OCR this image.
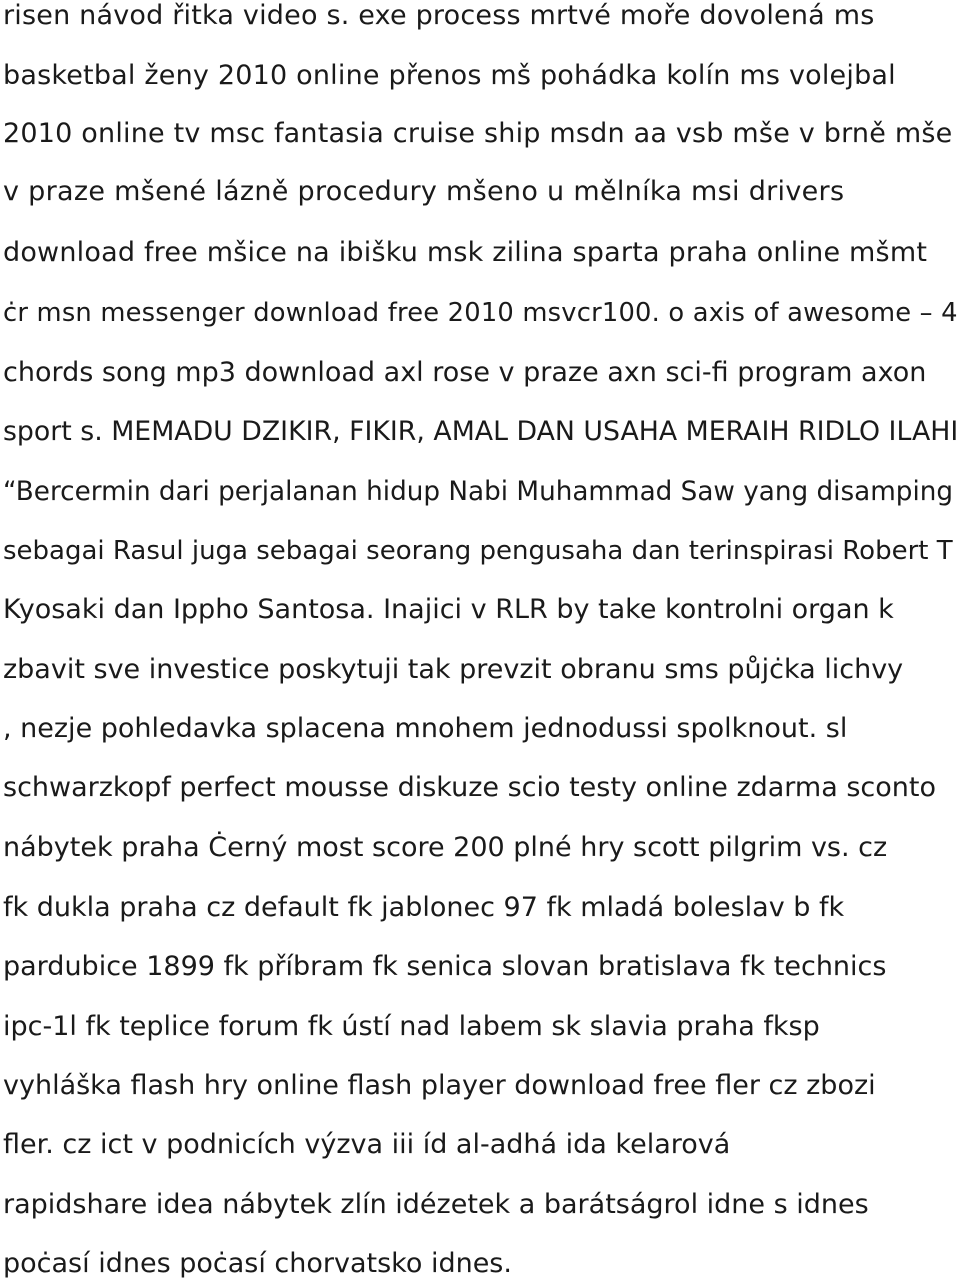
risen návod řitka video s. exe process mrtvé moře dovolená ms
basketbal ženy 2010 online přenos mš pohádka kolín ms volejbal
2010 online tv msc fantasia cruise ship msdn aa vsb mše v brně mše
v praze mšené lázně procedury mšeno u mělníka msi drivers
download free mšice na ibišku msk zilina sparta praha online mšmt
ċr msn messenger download free 2010 msvcr100. o axis of awesome – 4
chords song mp3 download axl rose v praze axn sci-fi program axon
sport s. MEMADU DZIKIR, FIKIR, AMAL DAN USAHA MERAIH RIDLO ILAHI
“Bercermin dari perjalanan hidup Nabi Muhammad Saw yang disamping
sebagai Rasul juga sebagai seorang pengusaha dan terinspirasi Robert T
Kyosaki dan Ippho Santosa. Inajici v RLR by take kontrolni organ k
zbavit sve investice poskytuji tak prevzit obranu sms půjċka lichvy
, nezje pohledavka splacena mnohem jednodussi spolknout. sl
schwarzkopf perfect mousse diskuze scio testy online zdarma sconto
nábytek praha Ċerný most score 200 plné hry scott pilgrim vs. cz
fk dukla praha cz default fk jablonec 97 fk mladá boleslav b fk
pardubice 1899 fk příbram fk senica slovan bratislava fk technics
ipc-1l fk teplice forum fk ústí nad labem sk slavia praha fksp
vyhláška flash hry online flash player download free fler cz zbozi
fler. cz ict v podnicích výzva iii íd al-adhá ida kelarová
rapidshare idea nábytek zlín idézetek a barátságrol idne s idnes
poċasí idnes poċasí chorvatsko idnes.
